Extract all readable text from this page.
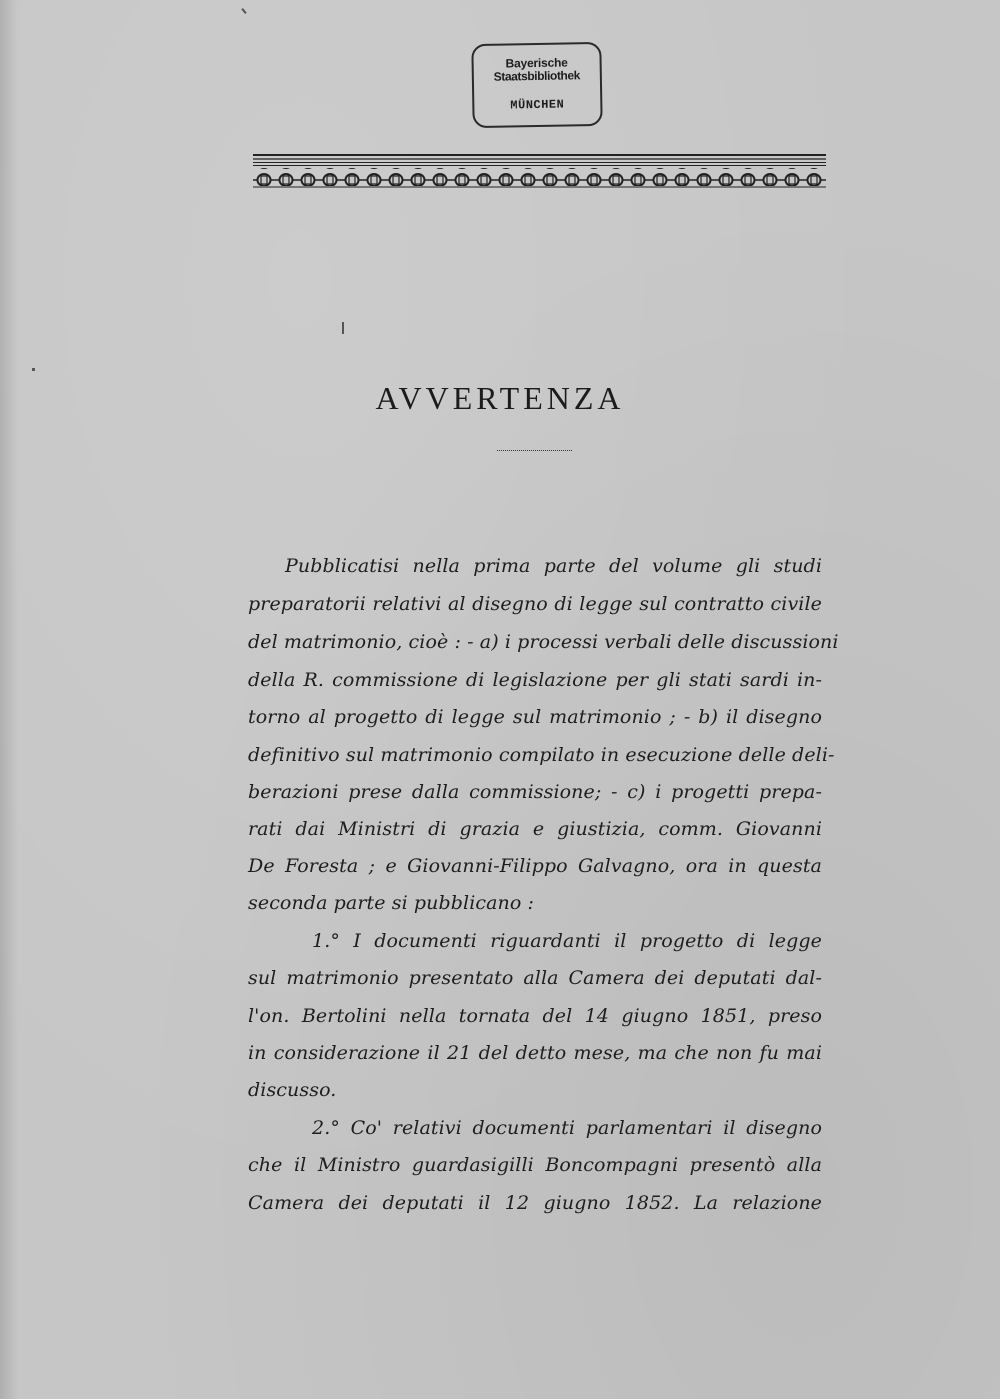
Bayerische
Staatsbibliothek
MÜNCHEN
AVVERTENZA
Pubblicatisi nella prima parte del volume gli studi
preparatorii relativi al disegno di legge sul contratto civile
del matrimonio, cioè : - a) i processi verbali delle discussioni
della R. commissione di legislazione per gli stati sardi in-
torno al progetto di legge sul matrimonio ; - b) il disegno
definitivo sul matrimonio compilato in esecuzione delle deli-
berazioni prese dalla commissione; - c) i progetti prepa-
rati dai Ministri di grazia e giustizia, comm. Giovanni
De Foresta ; e Giovanni-Filippo Galvagno, ora in questa
seconda parte si pubblicano :
1.° I documenti riguardanti il progetto di legge
sul matrimonio presentato alla Camera dei deputati dal-
l'on. Bertolini nella tornata del 14 giugno 1851, preso
in considerazione il 21 del detto mese, ma che non fu mai
discusso.
2.° Co' relativi documenti parlamentari il disegno
che il Ministro guardasigilli Boncompagni presentò alla
Camera dei deputati il 12 giugno 1852. La relazione
